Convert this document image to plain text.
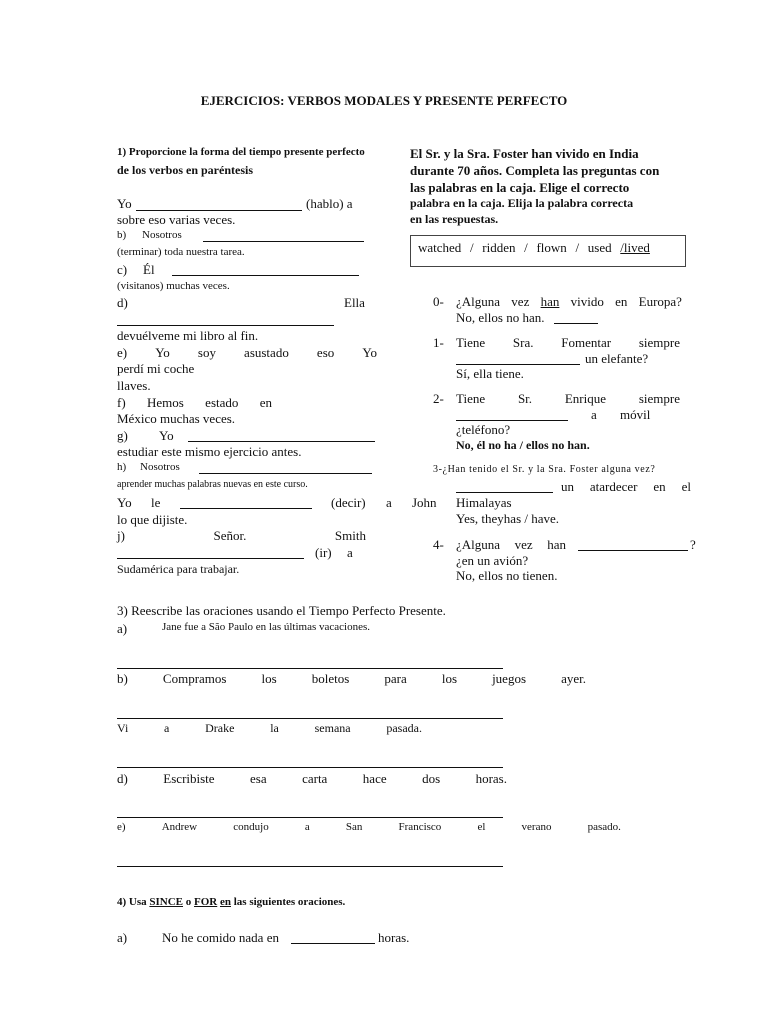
EJERCICIOS: VERBOS MODALES Y PRESENTE PERFECTO
1) Proporcione la forma del tiempo presente perfecto
de los verbos en paréntesis
Yo	(hablo) a
sobre eso varias veces.
b) Nosotros
(terminar) toda nuestra tarea.
c) Él
(visitanos) muchas veces.
d)	Ella
devuélveme mi libro al fin.
e) Yo soy asustado eso Yo
perdí mi coche
llaves.
f) Hemos estado en
México muchas veces.
g) Yo
estudiar este mismo ejercicio antes.
h) Nosotros
aprender muchas palabras nuevas en este curso.
Yo le	(decir) a John
lo que dijiste.
j)	Señor.	Smith
(ir) a
Sudamérica para trabajar.
El Sr. y la Sra. Foster han vivido en India
durante 70 años. Completa las preguntas con
las palabras en la caja. Elige el correcto
palabra en la caja. Elija la palabra correcta
en las respuestas.
watched / ridden / flown / used /lived
0- ¿Alguna vez han vivido en Europa?
No, ellos no han.
1- Tiene Sra. Fomentar siempre
un elefante?
Sí, ella tiene.
2- Tiene	Sr.	Enrique	siempre
a móvil
¿teléfono?
No, él no ha / ellos no han.
3-¿Han tenido el Sr. y la Sra. Foster alguna vez?
un atardecer en el
Himalayas
Yes, theyhas / have.
4- ¿Alguna vez han	?
¿en un avión?
No, ellos no tienen.
3) Reescribe las oraciones usando el Tiempo Perfecto Presente.
a)	Jane fue a São Paulo en las últimas vacaciones.
b)	Compramos	los	boletos	para	los	juegos	ayer.
Vi	a	Drake	la	semana	pasada.
d)	Escribiste	esa	carta	hace	dos	horas.
e)	Andrew	condujo	a	San	Francisco	el	verano	pasado.
4) Usa SINCE o FOR en las siguientes oraciones.
a)	No he comido nada en	horas.
